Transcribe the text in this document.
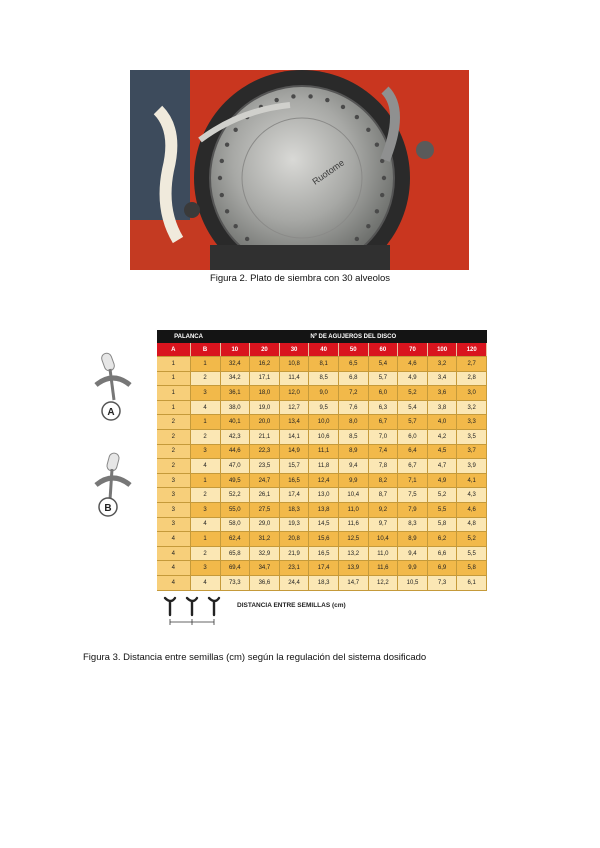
Ruotome
Figura 2. Plato de siembra con 30 alveolos
A
B
PALANCA		Nº DE AGUJEROS DEL DISCO								
A	B	10	20	30	40	50	60	70	100	120
1	1	32,4	16,2	10,8	8,1	6,5	5,4	4,6	3,2	2,7
1	2	34,2	17,1	11,4	8,5	6,8	5,7	4,9	3,4	2,8
1	3	36,1	18,0	12,0	9,0	7,2	6,0	5,2	3,6	3,0
1	4	38,0	19,0	12,7	9,5	7,6	6,3	5,4	3,8	3,2
2	1	40,1	20,0	13,4	10,0	8,0	6,7	5,7	4,0	3,3
2	2	42,3	21,1	14,1	10,6	8,5	7,0	6,0	4,2	3,5
2	3	44,6	22,3	14,9	11,1	8,9	7,4	6,4	4,5	3,7
2	4	47,0	23,5	15,7	11,8	9,4	7,8	6,7	4,7	3,9
3	1	49,5	24,7	16,5	12,4	9,9	8,2	7,1	4,9	4,1
3	2	52,2	26,1	17,4	13,0	10,4	8,7	7,5	5,2	4,3
3	3	55,0	27,5	18,3	13,8	11,0	9,2	7,9	5,5	4,6
3	4	58,0	29,0	19,3	14,5	11,6	9,7	8,3	5,8	4,8
4	1	62,4	31,2	20,8	15,6	12,5	10,4	8,9	6,2	5,2
4	2	65,8	32,9	21,9	16,5	13,2	11,0	9,4	6,6	5,5
4	3	69,4	34,7	23,1	17,4	13,9	11,6	9,9	6,9	5,8
4	4	73,3	36,6	24,4	18,3	14,7	12,2	10,5	7,3	6,1
DISTANCIA ENTRE SEMILLAS (cm)
Figura 3. Distancia entre semillas (cm) según la regulación del sistema dosificado
